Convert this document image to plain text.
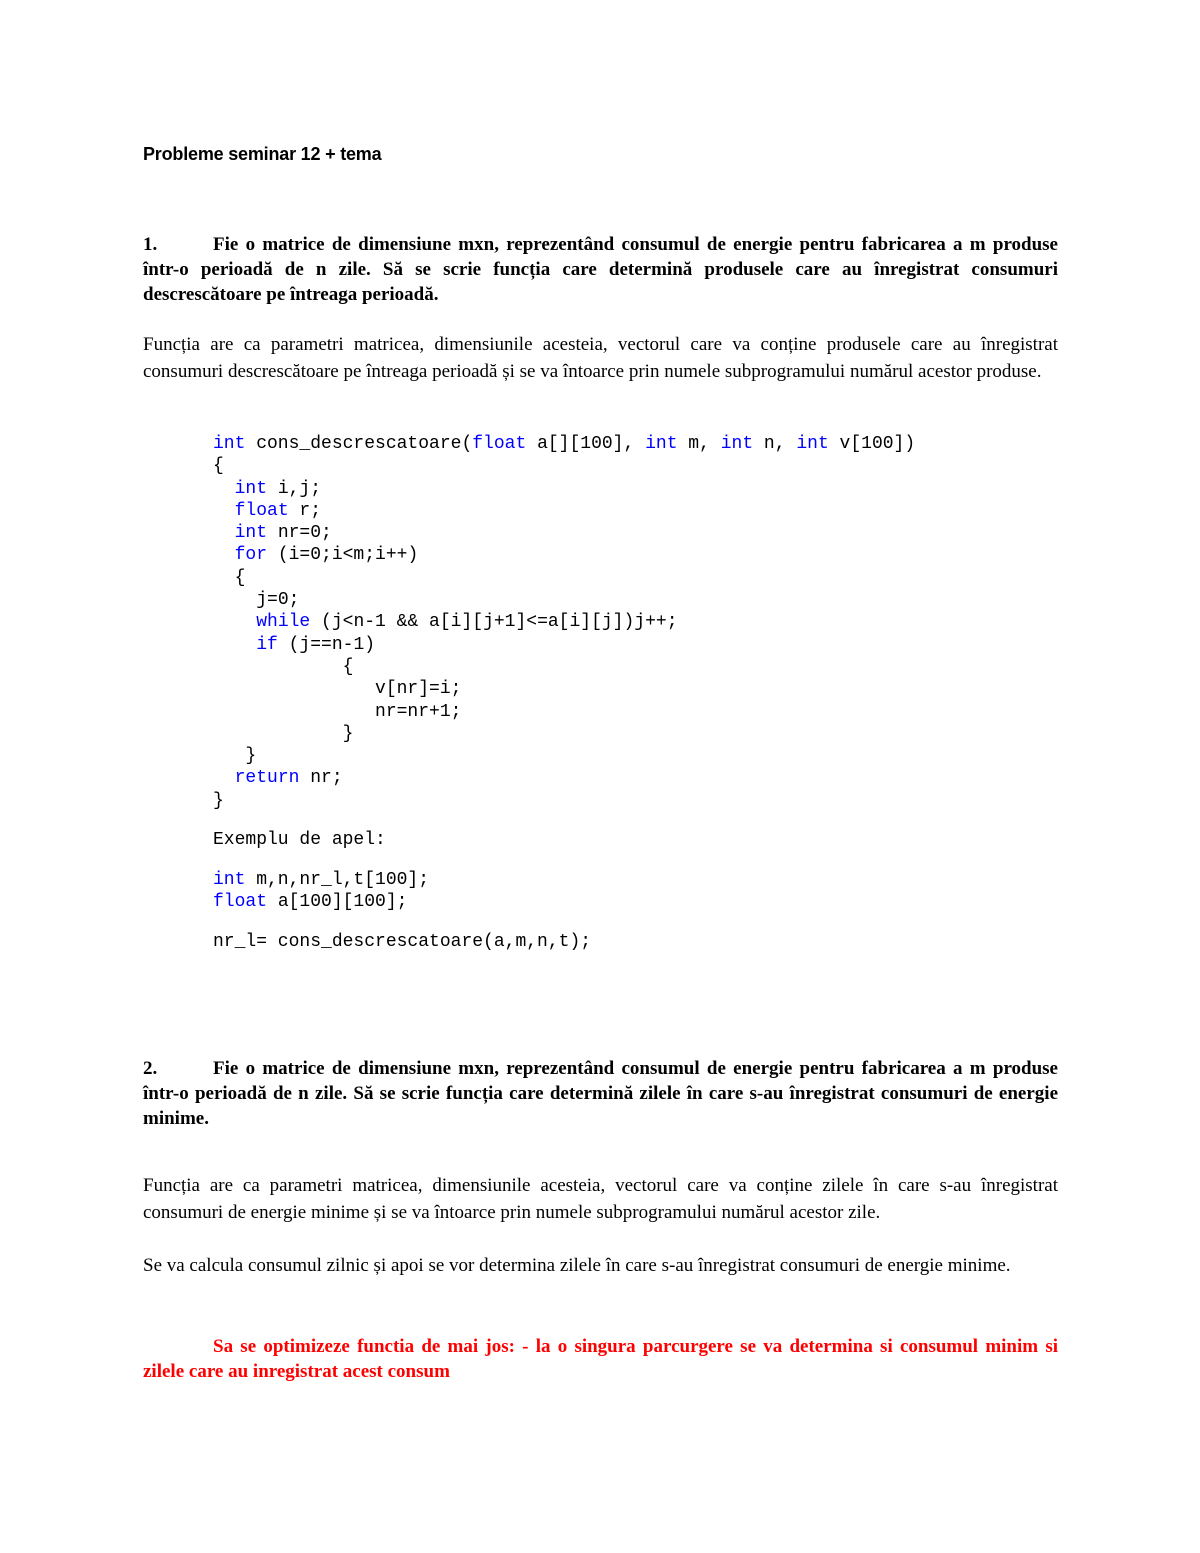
Probleme seminar 12 + tema
1.	Fie o matrice de dimensiune mxn, reprezentând consumul de energie pentru fabricarea a m produse într-o perioadă de n zile. Să se scrie funcția care determină produsele care au înregistrat consumuri descrescătoare pe întreaga perioadă.
Funcția are ca parametri matricea, dimensiunile acesteia, vectorul care va conține produsele care au înregistrat consumuri descrescătoare pe întreaga perioadă și se va întoarce prin numele subprogramului numărul acestor produse.
int cons_descrescatoare(float a[][100], int m, int n, int v[100])
{
int i,j;
float r;
int nr=0;
for (i=0;i<m;i++)
{
j=0;
while (j<n-1 && a[i][j+1]<=a[i][j])j++;
if (j==n-1)
{
v[nr]=i;
nr=nr+1;
}
}
return nr;
}
Exemplu de apel:
int m,n,nr_l,t[100];
float a[100][100];
nr_l= cons_descrescatoare(a,m,n,t);
2.	Fie o matrice de dimensiune mxn, reprezentând consumul de energie pentru fabricarea a m produse într-o perioadă de n zile. Să se scrie funcția care determină zilele în care s-au înregistrat consumuri de energie minime.
Funcția are ca parametri matricea, dimensiunile acesteia, vectorul care va conține zilele în care s-au înregistrat consumuri de energie minime și se va întoarce prin numele subprogramului numărul acestor zile.
Se va calcula consumul zilnic și apoi se vor determina zilele în care s-au înregistrat consumuri de energie minime.
Sa se optimizeze functia de mai jos: - la o singura parcurgere se va determina si consumul minim si zilele care au inregistrat acest consum
